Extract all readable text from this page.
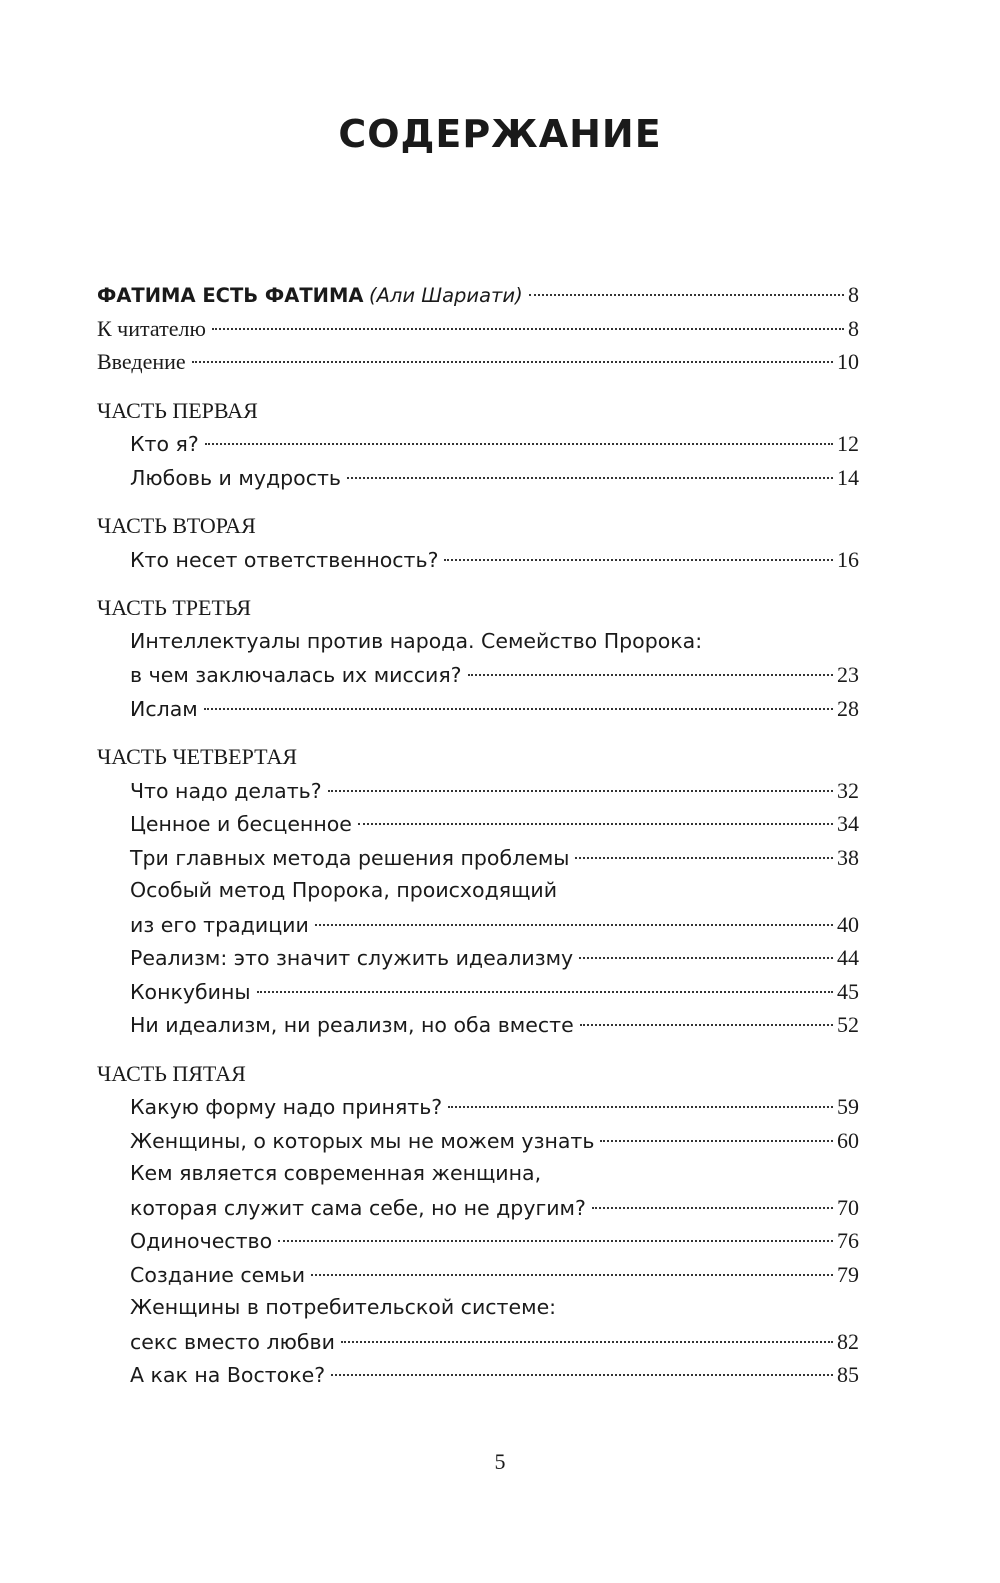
СОДЕРЖАНИЕ
ФАТИМА ЕСТЬ ФАТИМА (Али Шариати)	8
К читателю	8
Введение	10
ЧАСТЬ ПЕРВАЯ
Кто я?	12
Любовь и мудрость	14
ЧАСТЬ ВТОРАЯ
Кто несет ответственность?	16
ЧАСТЬ ТРЕТЬЯ
Интеллектуалы против народа. Семейство Пророка:
в чем заключалась их миссия?	23
Ислам	28
ЧАСТЬ ЧЕТВЕРТАЯ
Что надо делать?	32
Ценное и бесценное	34
Три главных метода решения проблемы	38
Особый метод Пророка, происходящий
из его традиции	40
Реализм: это значит служить идеализму	44
Конкубины	45
Ни идеализм, ни реализм, но оба вместе	52
ЧАСТЬ ПЯТАЯ
Какую форму надо принять?	59
Женщины, о которых мы не можем узнать	60
Кем является современная женщина,
которая служит сама себе, но не другим?	70
Одиночество	76
Создание семьи	79
Женщины в потребительской системе:
секс вместо любви	82
А как на Востоке?	85
5
